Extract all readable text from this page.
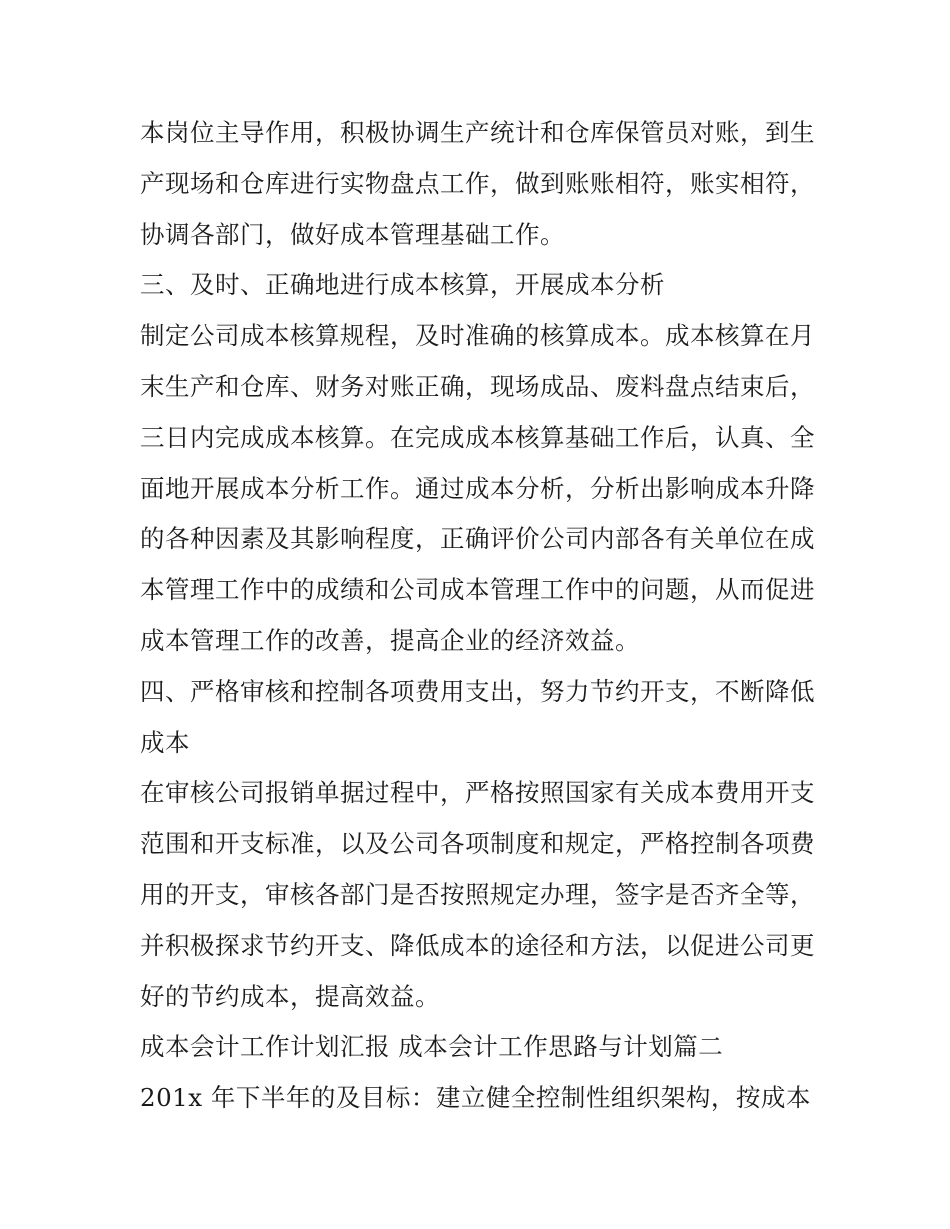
本岗位主导作用，积极协调生产统计和仓库保管员对账，到生
产现场和仓库进行实物盘点工作，做到账账相符，账实相符，
协调各部门，做好成本管理基础工作。
三、及时、正确地进行成本核算，开展成本分析
制定公司成本核算规程，及时准确的核算成本。成本核算在月
末生产和仓库、财务对账正确，现场成品、废料盘点结束后，
三日内完成成本核算。在完成成本核算基础工作后，认真、全
面地开展成本分析工作。通过成本分析，分析出影响成本升降
的各种因素及其影响程度，正确评价公司内部各有关单位在成
本管理工作中的成绩和公司成本管理工作中的问题，从而促进
成本管理工作的改善，提高企业的经济效益。
四、严格审核和控制各项费用支出，努力节约开支，不断降低
成本
在审核公司报销单据过程中，严格按照国家有关成本费用开支
范围和开支标准，以及公司各项制度和规定，严格控制各项费
用的开支，审核各部门是否按照规定办理，签字是否齐全等，
并积极探求节约开支、降低成本的途径和方法，以促进公司更
好的节约成本，提高效益。
成本会计工作计划汇报 成本会计工作思路与计划篇二
201x 年下半年的及目标：建立健全控制性组织架构，按成本
